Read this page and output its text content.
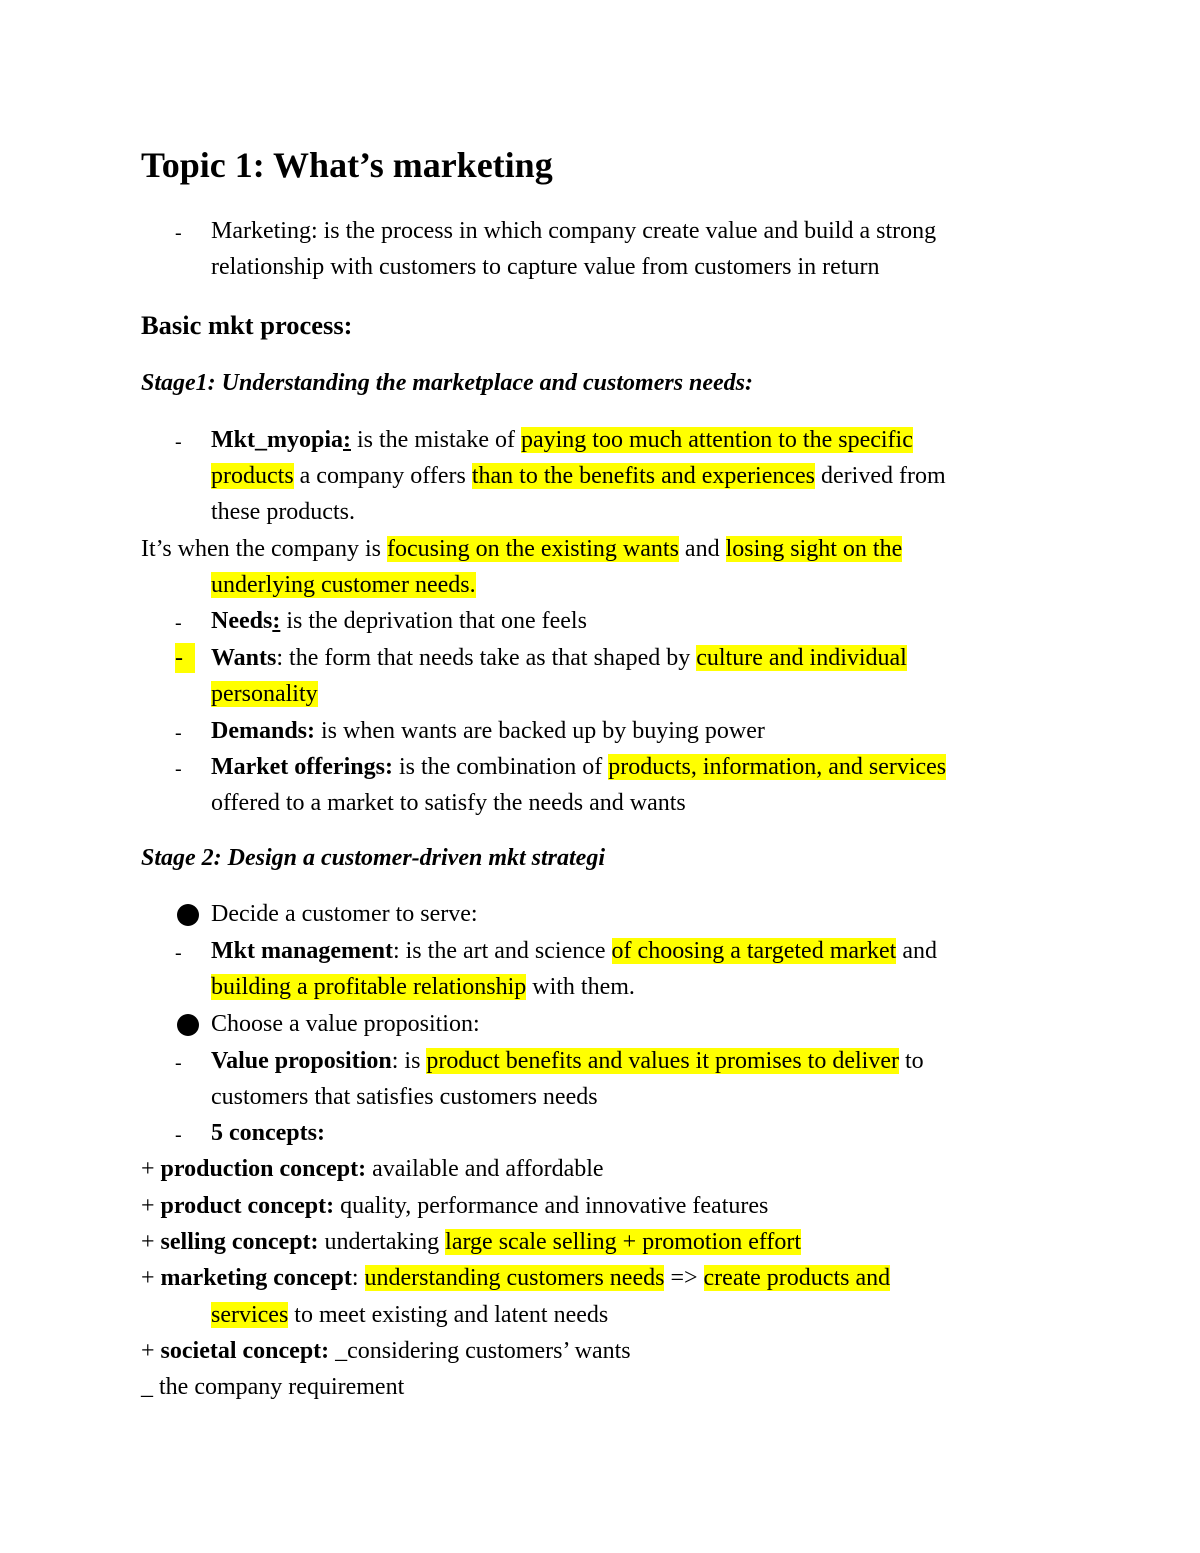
Topic 1: What’s marketing
- Marketing: is the process in which company create value and build a strong
relationship with customers to capture value from customers in return
Basic mkt process:
Stage1: Understanding the marketplace and customers needs:
- Mkt_myopia: is the mistake of paying too much attention to the specific
products a company offers than to the benefits and experiences derived from
these products.
It’s when the company is focusing on the existing wants and losing sight on the
underlying customer needs.
- Needs: is the deprivation that one feels
-	Wants: the form that needs take as that shaped by culture and individual
personality
- Demands: is when wants are backed up by buying power
- Market offerings: is the combination of products, information, and services
offered to a market to satisfy the needs and wants
Stage 2: Design a customer-driven mkt strategi
Decide a customer to serve:
- Mkt management: is the art and science of choosing a targeted market and
building a profitable relationship with them.
Choose a value proposition:
- Value proposition: is product benefits and values it promises to deliver to
customers that satisfies customers needs
- 5 concepts:
+ production concept: available and affordable
+ product concept: quality, performance and innovative features
+ selling concept: undertaking large scale selling + promotion effort
+ marketing concept: understanding customers needs => create products and
services to meet existing and latent needs
+ societal concept: _considering customers’ wants
_ the company requirement
